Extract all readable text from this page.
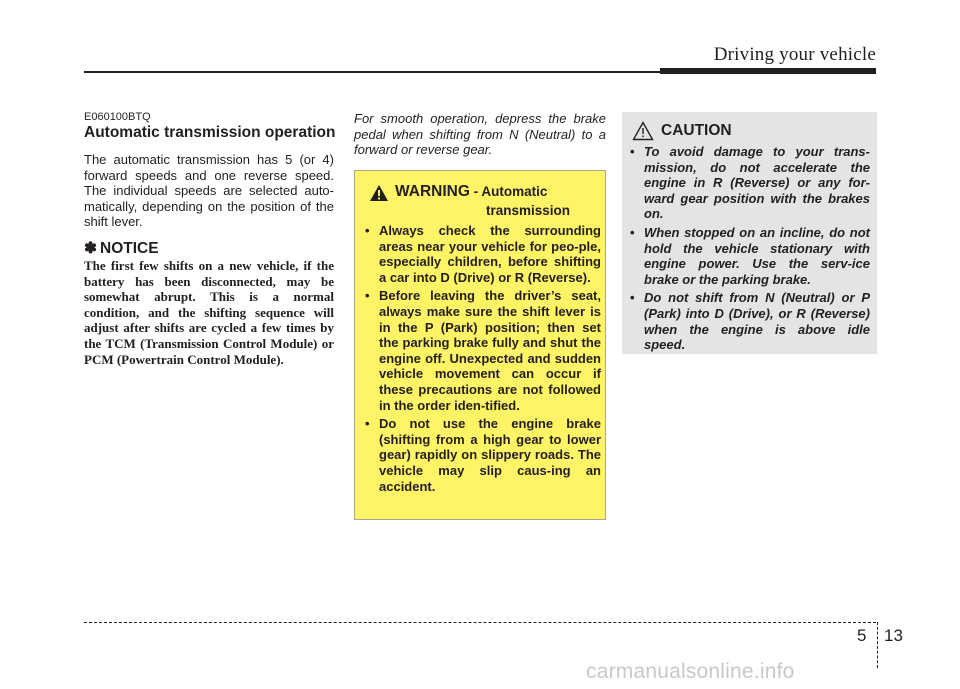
Driving your vehicle
E060100BTQ
Automatic transmission operation
The automatic transmission has 5 (or 4) forward speeds and one reverse speed. The individual speeds are selected auto-matically, depending on the position of the shift lever.
✽ NOTICE
The first few shifts on a new vehicle, if the battery has been disconnected, may be somewhat abrupt. This is a normal condition, and the shifting sequence will adjust after shifts are cycled a few times by the TCM (Transmission Control Module) or PCM (Powertrain Control Module).
For smooth operation, depress the brake pedal when shifting from N (Neutral) to a forward or reverse gear.
WARNING - Automatic
transmission
• Always check the surrounding areas near your vehicle for peo-ple, especially children, before shifting a car into D (Drive) or R (Reverse).
• Before leaving the driver’s seat, always make sure the shift lever is in the P (Park) position; then set the parking brake fully and shut the engine off. Unexpected and sudden vehicle movement can occur if these precautions are not followed in the order iden-tified.
• Do not use the engine brake (shifting from a high gear to lower gear) rapidly on slippery roads. The vehicle may slip caus-ing an accident.
CAUTION
• To avoid damage to your trans-mission, do not accelerate the engine in R (Reverse) or any for-ward gear position with the brakes on.
• When stopped on an incline, do not hold the vehicle stationary with engine power. Use the serv-ice brake or the parking brake.
• Do not shift from N (Neutral) or P (Park) into D (Drive), or R (Reverse) when the engine is above idle speed.
5 13
carmanualsonline.info
